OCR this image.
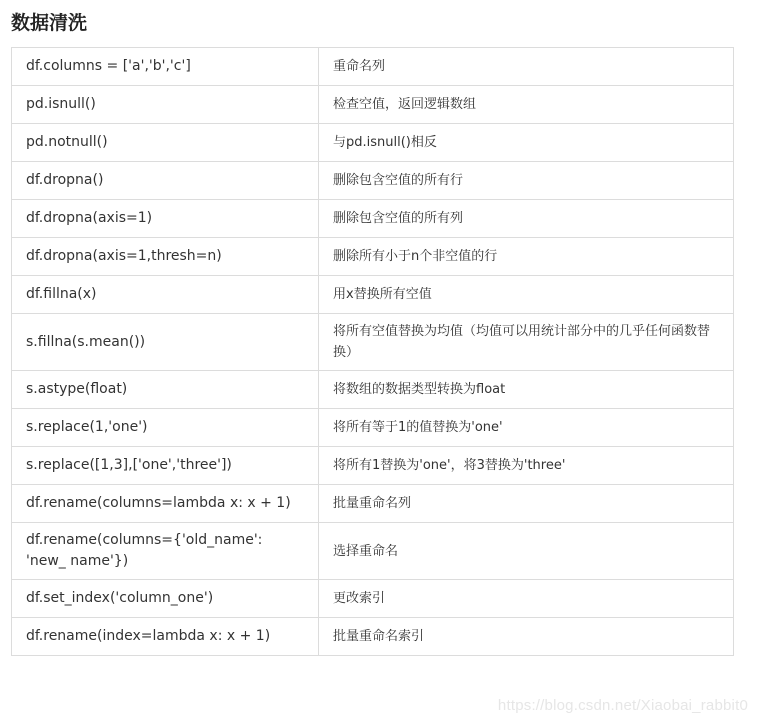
数据清洗
df.columns = ['a','b','c']	重命名列
pd.isnull()	检查空值，返回逻辑数组
pd.notnull()	与pd.isnull()相反
df.dropna()	删除包含空值的所有行
df.dropna(axis=1)	删除包含空值的所有列
df.dropna(axis=1,thresh=n)	删除所有小于n个非空值的行
df.fillna(x)	用x替换所有空值
s.fillna(s.mean())	将所有空值替换为均值（均值可以用统计部分中的几乎任何函数替换）
s.astype(float)	将数组的数据类型转换为float
s.replace(1,'one')	将所有等于1的值替换为'one'
s.replace([1,3],['one','three'])	将所有1替换为'one'，将3替换为'three'
df.rename(columns=lambda x: x + 1)	批量重命名列
df.rename(columns={'old_name': 'new_ name'})	选择重命名
df.set_index('column_one')	更改索引
df.rename(index=lambda x: x + 1)	批量重命名索引
https://blog.csdn.net/Xiaobai_rabbit0
